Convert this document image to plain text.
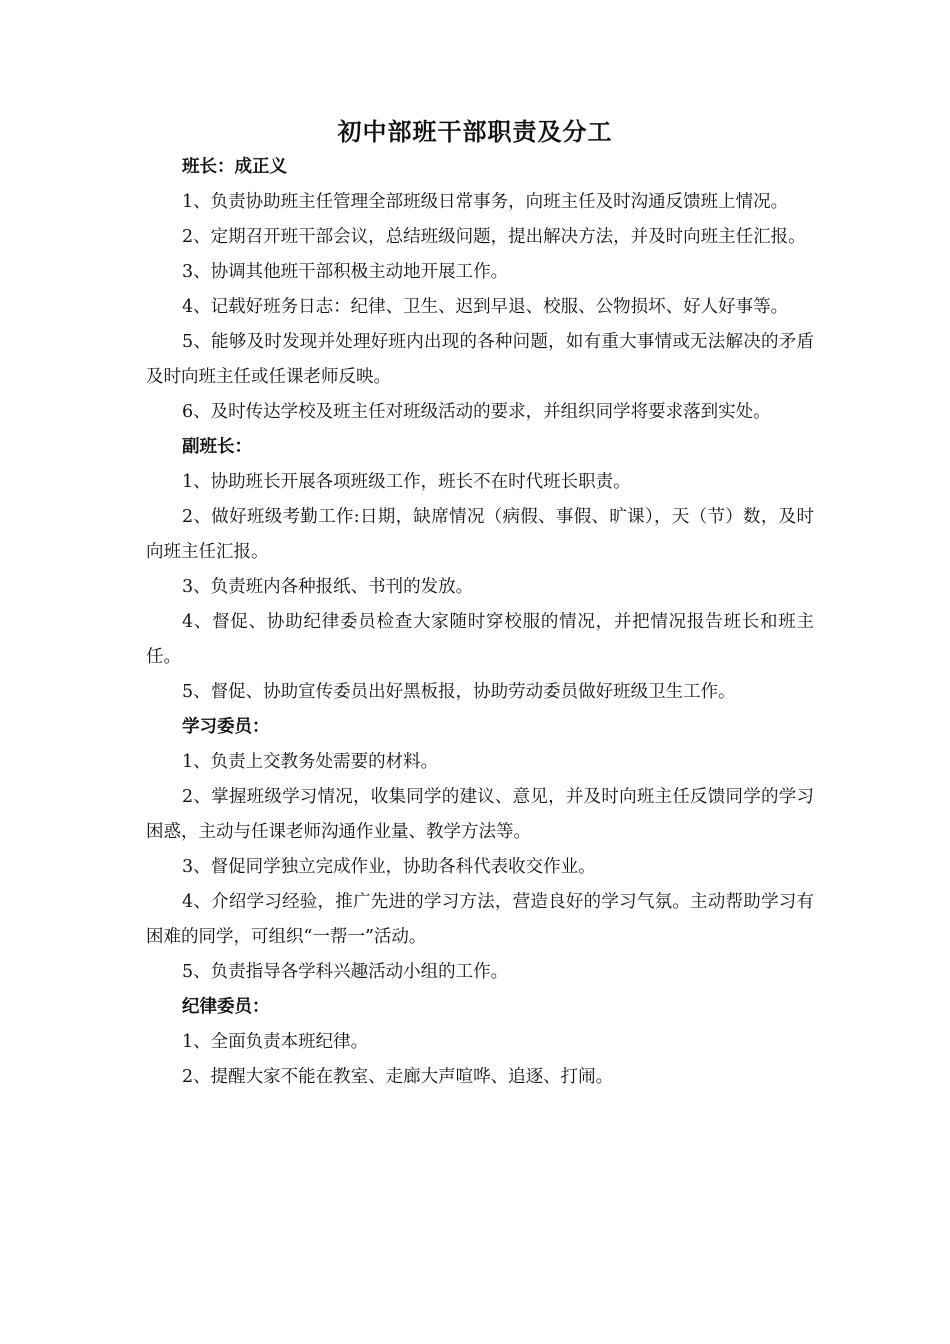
初中部班干部职责及分工
班长：成正义

1、负责协助班主任管理全部班级日常事务，向班主任及时沟通反馈班上情况。

2、定期召开班干部会议，总结班级问题，提出解决方法，并及时向班主任汇报。

3、协调其他班干部积极主动地开展工作。

4、记载好班务日志：纪律、卫生、迟到早退、校服、公物损坏、好人好事等。

5、能够及时发现并处理好班内出现的各种问题，如有重大事情或无法解决的矛盾及时向班主任或任课老师反映。

6、及时传达学校及班主任对班级活动的要求，并组织同学将要求落到实处。

副班长：

1、协助班长开展各项班级工作，班长不在时代班长职责。

2、做好班级考勤工作:日期，缺席情况（病假、事假、旷课），天（节）数，及时向班主任汇报。

3、负责班内各种报纸、书刊的发放。

4、督促、协助纪律委员检查大家随时穿校服的情况，并把情况报告班长和班主任。

5、督促、协助宣传委员出好黑板报，协助劳动委员做好班级卫生工作。

学习委员：

1、负责上交教务处需要的材料。

2、掌握班级学习情况，收集同学的建议、意见，并及时向班主任反馈同学的学习困惑，主动与任课老师沟通作业量、教学方法等。

3、督促同学独立完成作业，协助各科代表收交作业。

4、介绍学习经验，推广先进的学习方法，营造良好的学习气氛。主动帮助学习有困难的同学，可组织“一帮一”活动。

5、负责指导各学科兴趣活动小组的工作。

纪律委员：

1、全面负责本班纪律。

2、提醒大家不能在教室、走廊大声喧哗、追逐、打闹。
